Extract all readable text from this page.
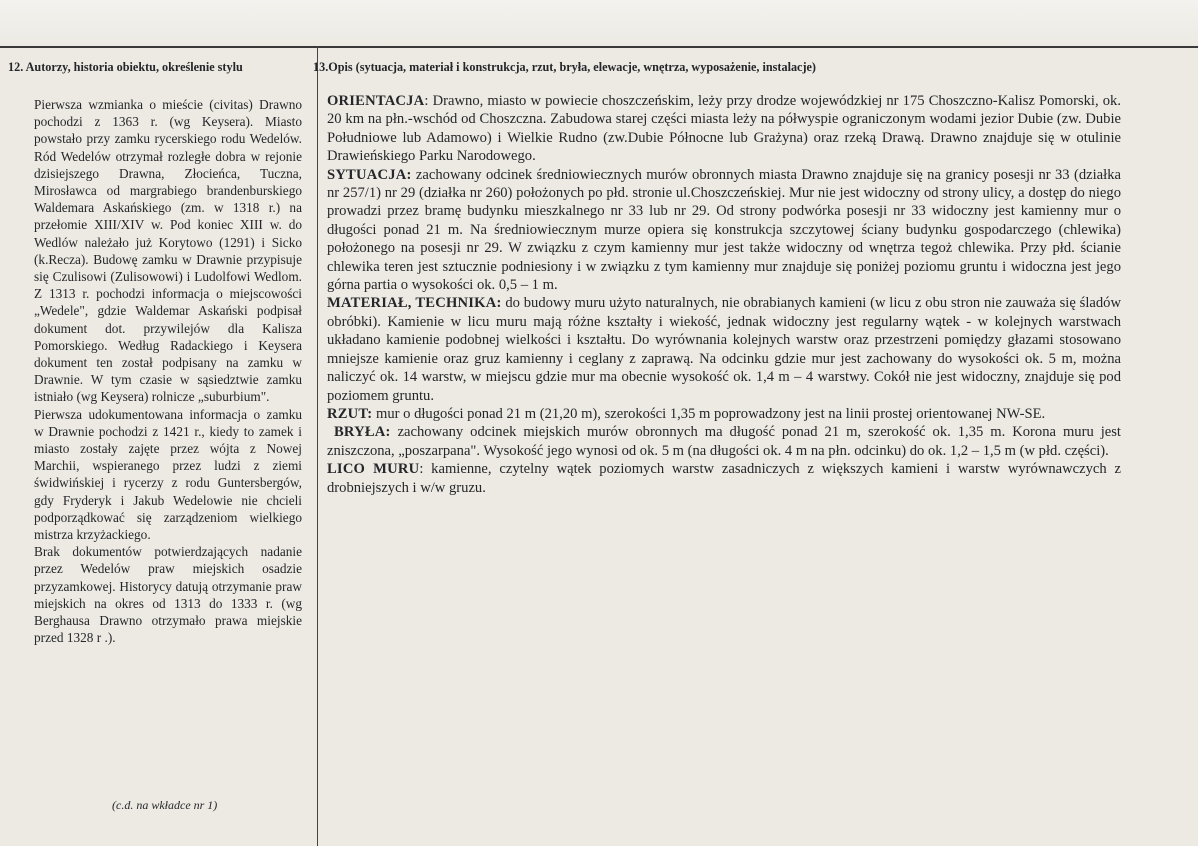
12. Autorzy, historia obiektu, określenie stylu	13.Opis (sytuacja, materiał i konstrukcja, rzut, bryła, elewacje, wnętrza, wyposażenie, instalacje)

Pierwsza wzmianka o mieście (civitas) Drawno pochodzi z 1363 r. (wg Keysera). Miasto powstało przy zamku rycerskiego rodu Wedelów. Ród Wedelów otrzymał rozległe dobra w rejonie dzisiejszego Drawna, Złocieńca, Tuczna, Mirosławca od margrabiego brandenburskiego Waldemara Askańskiego (zm. w 1318 r.) na przełomie XIII/XIV w. Pod koniec XIII w. do Wedlów należało już Korytowo (1291) i Sicko (k.Recza). Budowę zamku w Drawnie przypisuje się Czulisowi (Zulisowowi) i Ludolfowi Wedlom. Z 1313 r. pochodzi informacja o miejscowości „Wedele", gdzie Waldemar Askański podpisał dokument dot. przywilejów dla Kalisza Pomorskiego. Według Radackiego i Keysera dokument ten został podpisany na zamku w Drawnie. W tym czasie w sąsiedztwie zamku istniało (wg Keysera) rolnicze „suburbium".

Pierwsza udokumentowana informacja o zamku w Drawnie pochodzi z 1421 r., kiedy to zamek i miasto zostały zajęte przez wójta z Nowej Marchii, wspieranego przez ludzi z ziemi świdwińskiej i rycerzy z rodu Guntersbergów, gdy Fryderyk i Jakub Wedelowie nie chcieli podporządkować się zarządzeniom wielkiego mistrza krzyżackiego.

Brak dokumentów potwierdzających nadanie przez Wedelów praw miejskich osadzie przyzamkowej. Historycy datują otrzymanie praw miejskich na okres od 1313 do 1333 r. (wg Berghausa Drawno otrzymało prawa miejskie przed 1328 r .).

(c.d. na wkładce nr 1)

ORIENTACJA: Drawno, miasto w powiecie choszczeńskim, leży przy drodze wojewódzkiej nr 175 Choszczno-Kalisz Pomorski, ok. 20 km na płn.-wschód od Choszczna. Zabudowa starej części miasta leży na półwyspie ograniczonym wodami jezior Dubie (zw. Dubie Południowe lub Adamowo) i Wielkie Rudno (zw.Dubie Północne lub Grażyna) oraz rzeką Drawą. Drawno znajduje się w otulinie Drawieńskiego Parku Narodowego.

SYTUACJA: zachowany odcinek średniowiecznych murów obronnych miasta Drawno znajduje się na granicy posesji nr 33 (działka nr 257/1) nr 29 (działka nr 260) położonych po płd. stronie ul.Choszczeńskiej. Mur nie jest widoczny od strony ulicy, a dostęp do niego prowadzi przez bramę budynku mieszkalnego nr 33 lub nr 29. Od strony podwórka posesji nr 33 widoczny jest kamienny mur o długości ponad 21 m. Na średniowiecznym murze opiera się konstrukcja szczytowej ściany budynku gospodarczego (chlewika) położonego na posesji nr 29. W związku z czym kamienny mur jest także widoczny od wnętrza tegoż chlewika. Przy płd. ścianie chlewika teren jest sztucznie podniesiony i w związku z tym kamienny mur znajduje się poniżej poziomu gruntu i widoczna jest jego górna partia o wysokości ok. 0,5 – 1 m.

MATERIAŁ, TECHNIKA: do budowy muru użyto naturalnych, nie obrabianych kamieni (w licu z obu stron nie zauważa się śladów obróbki). Kamienie w licu muru mają różne kształty i wiekość, jednak widoczny jest regularny wątek - w kolejnych warstwach układano kamienie podobnej wielkości i kształtu. Do wyrównania kolejnych warstw oraz przestrzeni pomiędzy głazami stosowano mniejsze kamienie oraz gruz kamienny i ceglany z zaprawą. Na odcinku gdzie mur jest zachowany do wysokości ok. 5 m, można naliczyć ok. 14 warstw, w miejscu gdzie mur ma obecnie wysokość ok. 1,4 m – 4 warstwy. Cokół nie jest widoczny, znajduje się pod poziomem gruntu.

RZUT: mur o długości ponad 21 m (21,20 m), szerokości 1,35 m poprowadzony jest na linii prostej orientowanej NW-SE.

BRYŁA: zachowany odcinek miejskich murów obronnych ma długość ponad 21 m, szerokość ok. 1,35 m. Korona muru jest zniszczona, „poszarpana". Wysokość jego wynosi od ok. 5 m (na długości ok. 4 m na płn. odcinku) do ok. 1,2 – 1,5 m (w płd. części).

LICO MURU: kamienne, czytelny wątek poziomych warstw zasadniczych z większych kamieni i warstw wyrównawczych z drobniejszych i w/w gruzu.
